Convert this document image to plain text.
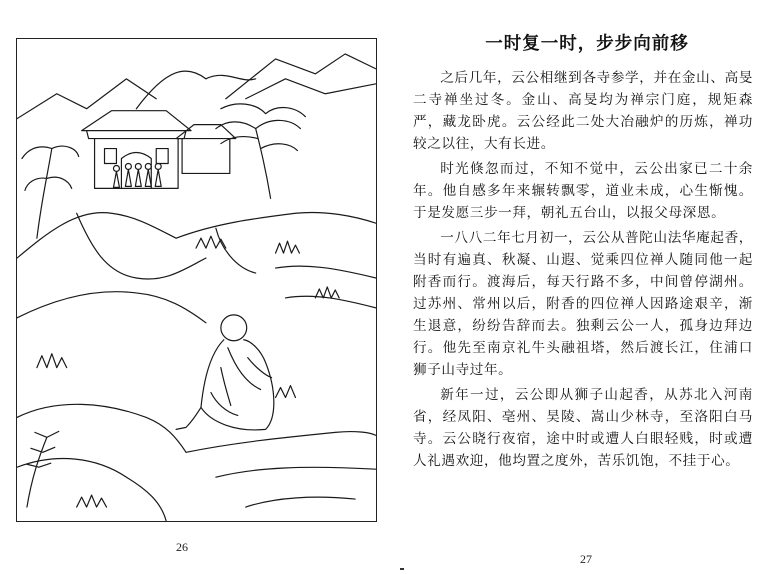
26
一时复一时，步步向前移

之后几年，云公相继到各寺参学，并在金山、高旻二寺禅坐过冬。金山、高旻均为禅宗门庭，规矩森严，藏龙卧虎。云公经此二处大冶融炉的历炼，禅功较之以往，大有长进。

时光倏忽而过，不知不觉中，云公出家已二十余年。他自感多年来辗转飘零，道业未成，心生惭愧。于是发愿三步一拜，朝礼五台山，以报父母深恩。

一八八二年七月初一，云公从普陀山法华庵起香，当时有遍真、秋凝、山遐、觉乘四位禅人随同他一起附香而行。渡海后，每天行路不多，中间曾停湖州。过苏州、常州以后，附香的四位禅人因路途艰辛，渐生退意，纷纷告辞而去。独剩云公一人，孤身边拜边行。他先至南京礼牛头融祖塔，然后渡长江，住浦口狮子山寺过年。

新年一过，云公即从狮子山起香，从苏北入河南省，经凤阳、亳州、昊陵、嵩山少林寺，至洛阳白马寺。云公晓行夜宿，途中时或遭人白眼轻贱，时或遭人礼遇欢迎，他均置之度外，苦乐饥饱，不挂于心。

27
